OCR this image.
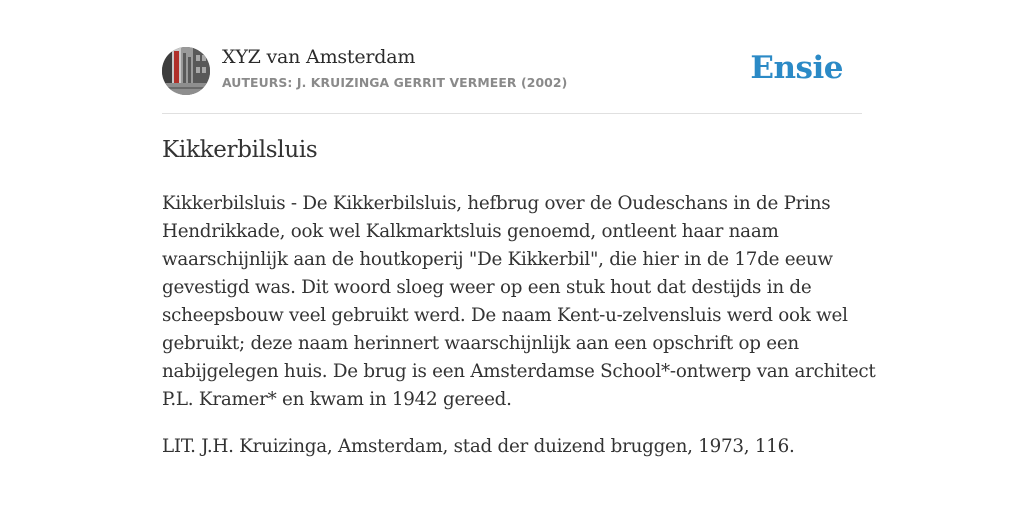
XYZ van Amsterdam
AUTEURS: J. KRUIZINGA GERRIT VERMEER (2002)	Ensie
Kikkerbilsluis

Kikkerbilsluis - De Kikkerbilsluis, hefbrug over de Oudeschans in de Prins

Hendrikkade, ook wel Kalkmarktsluis genoemd, ontleent haar naam

waarschijnlijk aan de houtkoperij "De Kikkerbil", die hier in de 17de eeuw

gevestigd was. Dit woord sloeg weer op een stuk hout dat destijds in de

scheepsbouw veel gebruikt werd. De naam Kent-u-zelvensluis werd ook wel

gebruikt; deze naam herinnert waarschijnlijk aan een opschrift op een

nabijgelegen huis. De brug is een Amsterdamse School*-ontwerp van architect

P.L. Kramer* en kwam in 1942 gereed.

LIT. J.H. Kruizinga, Amsterdam, stad der duizend bruggen, 1973, 116.
